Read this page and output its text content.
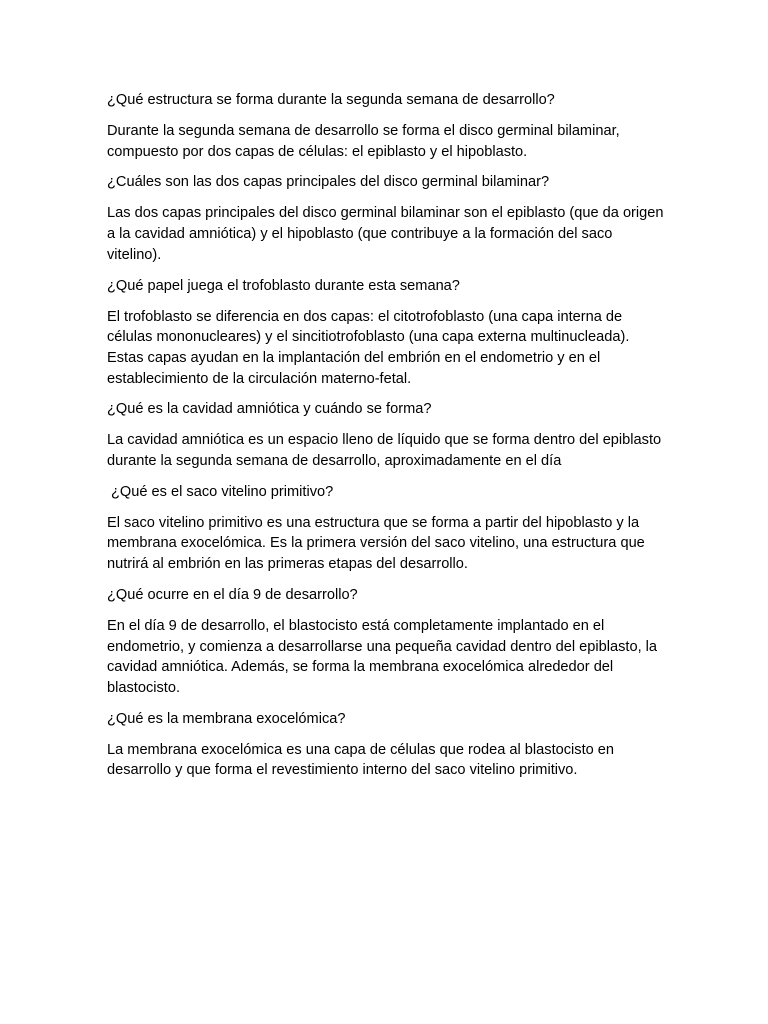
¿Qué estructura se forma durante la segunda semana de desarrollo?

Durante la segunda semana de desarrollo se forma el disco germinal bilaminar, compuesto por dos capas de células: el epiblasto y el hipoblasto.

¿Cuáles son las dos capas principales del disco germinal bilaminar?

Las dos capas principales del disco germinal bilaminar son el epiblasto (que da origen a la cavidad amniótica) y el hipoblasto (que contribuye a la formación del saco vitelino).

¿Qué papel juega el trofoblasto durante esta semana?

El trofoblasto se diferencia en dos capas: el citotrofoblasto (una capa interna de células mononucleares) y el sincitiotrofoblasto (una capa externa multinucleada). Estas capas ayudan en la implantación del embrión en el endometrio y en el establecimiento de la circulación materno-fetal.

¿Qué es la cavidad amniótica y cuándo se forma?

La cavidad amniótica es un espacio lleno de líquido que se forma dentro del epiblasto durante la segunda semana de desarrollo, aproximadamente en el día

¿Qué es el saco vitelino primitivo?

El saco vitelino primitivo es una estructura que se forma a partir del hipoblasto y la membrana exocelómica. Es la primera versión del saco vitelino, una estructura que nutrirá al embrión en las primeras etapas del desarrollo.

¿Qué ocurre en el día 9 de desarrollo?

En el día 9 de desarrollo, el blastocisto está completamente implantado en el endometrio, y comienza a desarrollarse una pequeña cavidad dentro del epiblasto, la cavidad amniótica. Además, se forma la membrana exocelómica alrededor del blastocisto.

¿Qué es la membrana exocelómica?

La membrana exocelómica es una capa de células que rodea al blastocisto en desarrollo y que forma el revestimiento interno del saco vitelino primitivo.
